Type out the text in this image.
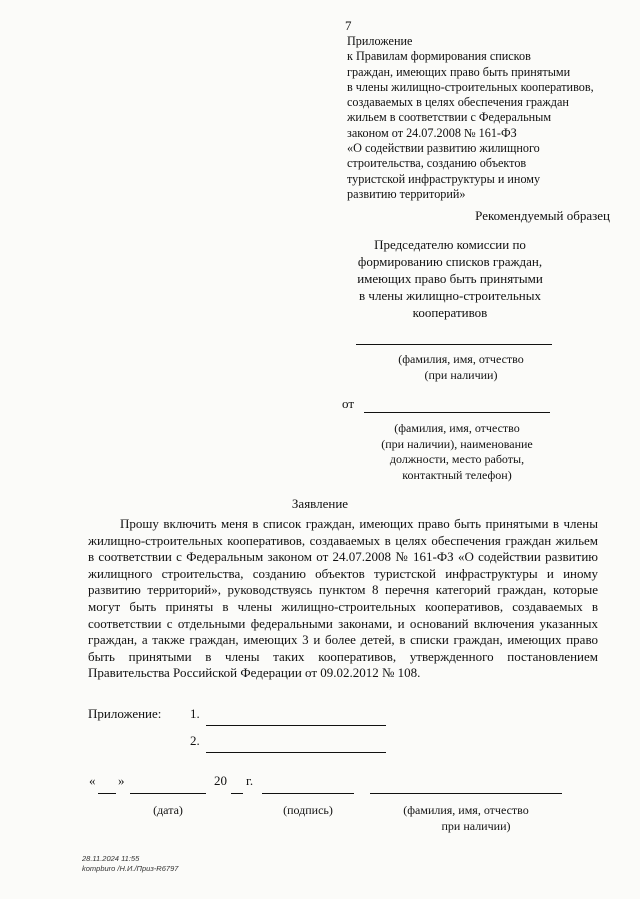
7
Приложение
к Правилам формирования списков
граждан, имеющих право быть принятыми
в члены жилищно-строительных кооперативов,
создаваемых в целях обеспечения граждан
жильем в соответствии с Федеральным
законом от 24.07.2008 № 161-ФЗ
«О содействии развитию жилищного
строительства, созданию объектов
туристской инфраструктуры и иному
развитию территорий»
Рекомендуемый образец
Председателю комиссии по
формированию списков граждан,
имеющих право быть принятыми
в члены жилищно-строительных
кооперативов
(фамилия, имя, отчество
(при наличии)
от
(фамилия, имя, отчество
(при наличии), наименование
должности, место работы,
контактный телефон)
Заявление

Прошу включить меня в список граждан, имеющих право быть принятыми в члены жилищно-строительных кооперативов, создаваемых в целях обеспечения граждан жильем в соответствии с Федеральным законом от 24.07.2008 № 161-ФЗ «О содействии развитию жилищного строительства, созданию объектов туристской инфраструктуры и иному развитию территорий», руководствуясь пунктом 8 перечня категорий граждан, которые могут быть приняты в члены жилищно-строительных кооперативов, создаваемых в соответствии с отдельными федеральными законами, и оснований включения указанных граждан, а также граждан, имеющих 3 и более детей, в списки граждан, имеющих право быть принятыми в члены таких кооперативов, утвержденного постановлением Правительства Российской Федерации от 09.02.2012 № 108.

Приложение: 1.
2.
« »	20 г.
(дата)	(подпись)	(фамилия, имя, отчество
при наличии)
28.11.2024 11:55
kompburo /Н.И./Приз-R6797
